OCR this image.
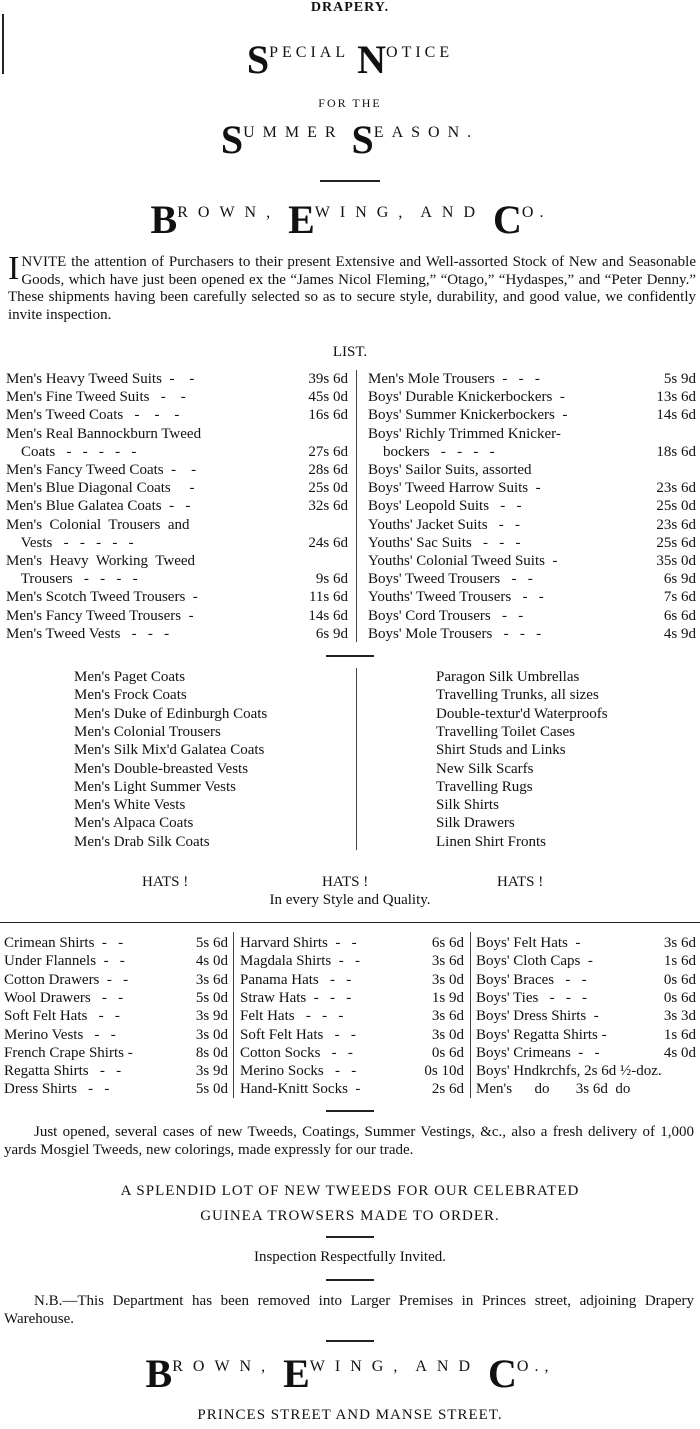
DRAPERY.
SPECIAL NOTICE
FOR THE
SUMMER SEASON.
BROWN, EWING, AND CO.
INVITE the attention of Purchasers to their present Extensive and Well-assorted Stock of New and Seasonable Goods, which have just been opened ex the “James Nicol Fleming,” “Otago,” “Hydaspes,” and “Peter Denny.” These shipments having been carefully selected so as to secure style, durability, and good value, we confidently invite inspection.
LIST.
Men's Heavy Tweed Suits  -    -	39s 6d
Men's Fine Tweed Suits   -    -	45s 0d
Men's Tweed Coats   -    -    -	16s 6d
Men's Real Bannockburn Tweed
Coats   -   -   -   -   -	27s 6d
Men's Fancy Tweed Coats  -    -	28s 6d
Men's Blue Diagonal Coats     -	25s 0d
Men's Blue Galatea Coats  -   -	32s 6d
Men's  Colonial  Trousers  and
Vests   -   -   -   -   -	24s 6d
Men's  Heavy  Working  Tweed
Trousers   -   -   -   -	9s 6d
Men's Scotch Tweed Trousers  -	11s 6d
Men's Fancy Tweed Trousers  -	14s 6d
Men's Tweed Vests   -   -   -	6s 9d
Men's Mole Trousers  -   -   -	5s 9d
Boys' Durable Knickerbockers  -	13s 6d
Boys' Summer Knickerbockers  -	14s 6d
Boys' Richly Trimmed Knicker-
bockers   -   -   -   -	18s 6d
Boys' Sailor Suits, assorted
Boys' Tweed Harrow Suits  -	23s 6d
Boys' Leopold Suits   -   -	25s 0d
Youths' Jacket Suits   -   -	23s 6d
Youths' Sac Suits   -   -   -	25s 6d
Youths' Colonial Tweed Suits  -	35s 0d
Boys' Tweed Trousers   -   -	6s 9d
Youths' Tweed Trousers   -   -	7s 6d
Boys' Cord Trousers   -   -	6s 6d
Boys' Mole Trousers   -   -   -	4s 9d
Men's Paget Coats
Men's Frock Coats
Men's Duke of Edinburgh Coats
Men's Colonial Trousers
Men's Silk Mix'd Galatea Coats
Men's Double-breasted Vests
Men's Light Summer Vests
Men's White Vests
Men's Alpaca Coats
Men's Drab Silk Coats
Paragon Silk Umbrellas
Travelling Trunks, all sizes
Double-textur'd Waterproofs
Travelling Toilet Cases
Shirt Studs and Links
New Silk Scarfs
Travelling Rugs
Silk Shirts
Silk Drawers
Linen Shirt Fronts
HATS !	HATS !	HATS !
In every Style and Quality.
Crimean Shirts  -   -	5s 6d
Under Flannels  -   -	4s 0d
Cotton Drawers  -   -	3s 6d
Wool Drawers   -   -	5s 0d
Soft Felt Hats   -   -	3s 9d
Merino Vests   -   -	3s 0d
French Crape Shirts -	8s 0d
Regatta Shirts   -   -	3s 9d
Dress Shirts   -   -	5s 0d
Harvard Shirts  -   -	6s 6d
Magdala Shirts  -   -	3s 6d
Panama Hats   -   -	3s 0d
Straw Hats  -   -   -	1s 9d
Felt Hats   -   -   -	3s 6d
Soft Felt Hats   -   -	3s 0d
Cotton Socks   -   -	0s 6d
Merino Socks   -   -	0s 10d
Hand-Knitt Socks  -	2s 6d
Boys' Felt Hats  -	3s 6d
Boys' Cloth Caps  -	1s 6d
Boys' Braces   -   -	0s 6d
Boys' Ties   -   -   -	0s 6d
Boys' Dress Shirts  -	3s 3d
Boys' Regatta Shirts -	1s 6d
Boys' Crimeans  -   -	4s 0d
Boys' Hndkrchfs, 2s 6d ½-doz.
Men's      do       3s 6d  do
Just opened, several cases of new Tweeds, Coatings, Summer Vestings, &c., also a fresh delivery of 1,000 yards Mosgiel Tweeds, new colorings, made expressly for our trade.
A SPLENDID LOT OF NEW TWEEDS FOR OUR CELEBRATED
GUINEA TROWSERS MADE TO ORDER.
Inspection Respectfully Invited.
N.B.—This Department has been removed into Larger Premises in Princes street, adjoining Drapery Warehouse.
BROWN, EWING, AND CO.,
PRINCES STREET AND MANSE STREET.
